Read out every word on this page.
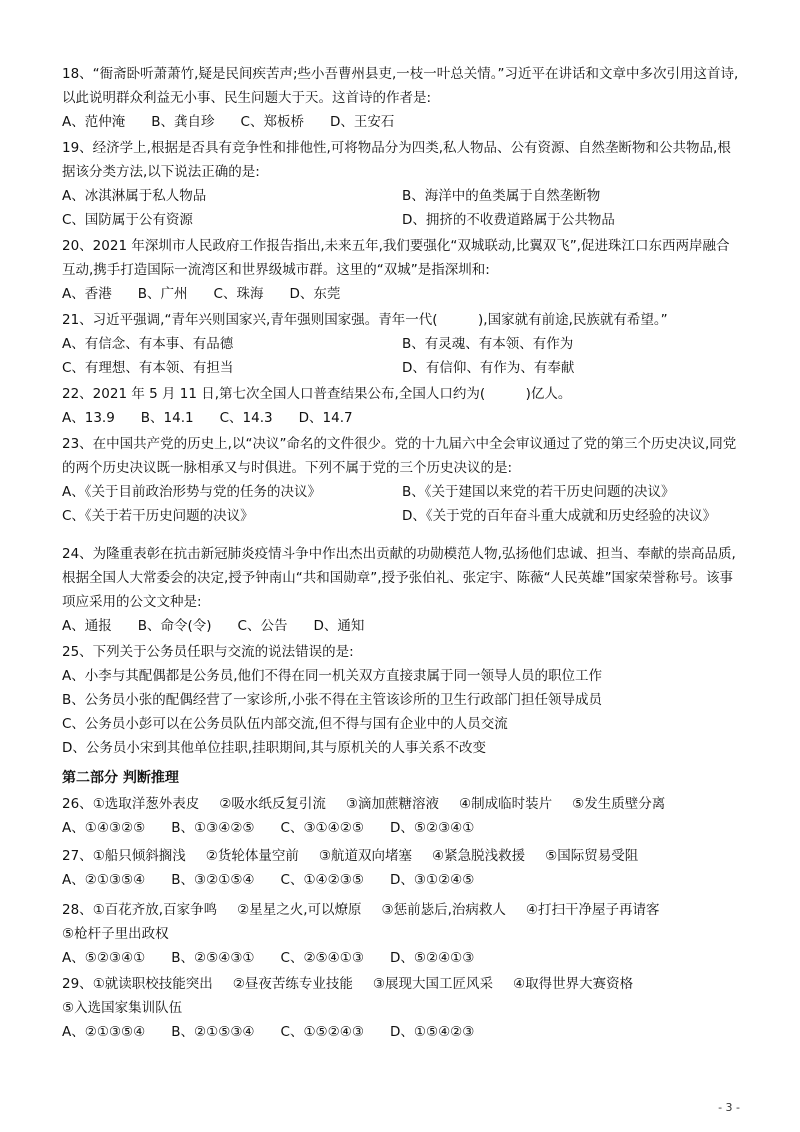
18、“衙斋卧听萧萧竹,疑是民间疾苦声;些小吾曹州县吏,一枝一叶总关情。”习近平在讲话和文章中多次引用这首诗,以此说明群众利益无小事、民生问题大于天。这首诗的作者是:

A、范仲淹 B、龚自珍 C、郑板桥 D、王安石

19、经济学上,根据是否具有竞争性和排他性,可将物品分为四类,私人物品、公有资源、自然垄断物和公共物品,根据该分类方法,以下说法正确的是:

A、冰淇淋属于私人物品	B、海洋中的鱼类属于自然垄断物
C、国防属于公有资源	D、拥挤的不收费道路属于公共物品

20、2021 年深圳市人民政府工作报告指出,未来五年,我们要强化“双城联动,比翼双飞”,促进珠江口东西两岸融合互动,携手打造国际一流湾区和世界级城市群。这里的“双城”是指深圳和:

A、香港 B、广州 C、珠海 D、东莞

21、习近平强调,“青年兴则国家兴,青年强则国家强。青年一代(　　　),国家就有前途,民族就有希望。”

A、有信念、有本事、有品德	B、有灵魂、有本领、有作为
C、有理想、有本领、有担当	D、有信仰、有作为、有奉献

22、2021 年 5 月 11 日,第七次全国人口普查结果公布,全国人口约为(　　　)亿人。

A、13.9 B、14.1 C、14.3 D、14.7

23、在中国共产党的历史上,以“决议”命名的文件很少。党的十九届六中全会审议通过了党的第三个历史决议,同党的两个历史决议既一脉相承又与时俱进。下列不属于党的三个历史决议的是:

A、《关于目前政治形势与党的任务的决议》	B、《关于建国以来党的若干历史问题的决议》
C、《关于若干历史问题的决议》	D、《关于党的百年奋斗重大成就和历史经验的决议》

24、为隆重表彰在抗击新冠肺炎疫情斗争中作出杰出贡献的功勋模范人物,弘扬他们忠诚、担当、奉献的崇高品质,根据全国人大常委会的决定,授予钟南山“共和国勋章”,授予张伯礼、张定宇、陈薇“人民英雄”国家荣誉称号。该事项应采用的公文文种是:

A、通报 B、命令(令) C、公告 D、通知

25、下列关于公务员任职与交流的说法错误的是:

A、小李与其配偶都是公务员,他们不得在同一机关双方直接隶属于同一领导人员的职位工作
B、公务员小张的配偶经营了一家诊所,小张不得在主管该诊所的卫生行政部门担任领导成员
C、公务员小彭可以在公务员队伍内部交流,但不得与国有企业中的人员交流
D、公务员小宋到其他单位挂职,挂职期间,其与原机关的人事关系不改变
第二部分 判断推理
26、 ①选取洋葱外表皮 ②吸水纸反复引流 ③滴加蔗糖溶液 ④制成临时装片 ⑤发生质壁分离
A、①④③②⑤ B、①③④②⑤ C、③①④②⑤ D、⑤②③④①
27、 ①船只倾斜搁浅 ②货轮体量空前 ③航道双向堵塞 ④紧急脱浅救援 ⑤国际贸易受阻
A、②①③⑤④ B、③②①⑤④ C、①④②③⑤ D、③①②④⑤
28、 ①百花齐放,百家争鸣 ②星星之火,可以燎原 ③惩前毖后,治病救人 ④打扫干净屋子再请客
⑤枪杆子里出政权
A、⑤②③④① B、②⑤④③① C、②⑤④①③ D、⑤②④①③
29、 ①就读职校技能突出 ②昼夜苦练专业技能 ③展现大国工匠风采 ④取得世界大赛资格
⑤入选国家集训队伍
A、②①③⑤④ B、②①⑤③④ C、①⑤②④③ D、①⑤④②③
- 3 -
